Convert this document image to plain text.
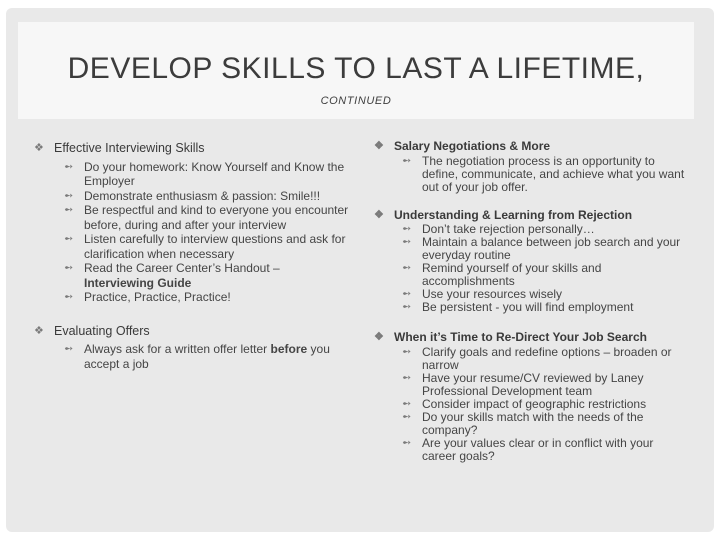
DEVELOP SKILLS TO LAST A LIFETIME,
CONTINUED
❖ Effective Interviewing Skills
➻ Do your homework: Know Yourself and Know the Employer
➻ Demonstrate enthusiasm & passion: Smile!!!
➻ Be respectful and kind to everyone you encounter before, during and after your interview
➻ Listen carefully to interview questions and ask for clarification when necessary
➻ Read the Career Center’s Handout –
Interviewing Guide
➻ Practice, Practice, Practice!
❖ Evaluating Offers
➻ Always ask for a written offer letter before you accept a job
❖ Salary Negotiations & More
➻ The negotiation process is an opportunity to define, communicate, and achieve what you want out of your job offer.
❖ Understanding & Learning from Rejection
➻ Don’t take rejection personally…
➻ Maintain a balance between job search and your everyday routine
➻ Remind yourself of your skills and accomplishments
➻ Use your resources wisely
➻ Be persistent - you will find employment
❖ When it’s Time to Re-Direct Your Job Search
➻ Clarify goals and redefine options – broaden or narrow
➻ Have your resume/CV reviewed by Laney Professional Development team
➻ Consider impact of geographic restrictions
➻ Do your skills match with the needs of the company?
➻ Are your values clear or in conflict with your career goals?
